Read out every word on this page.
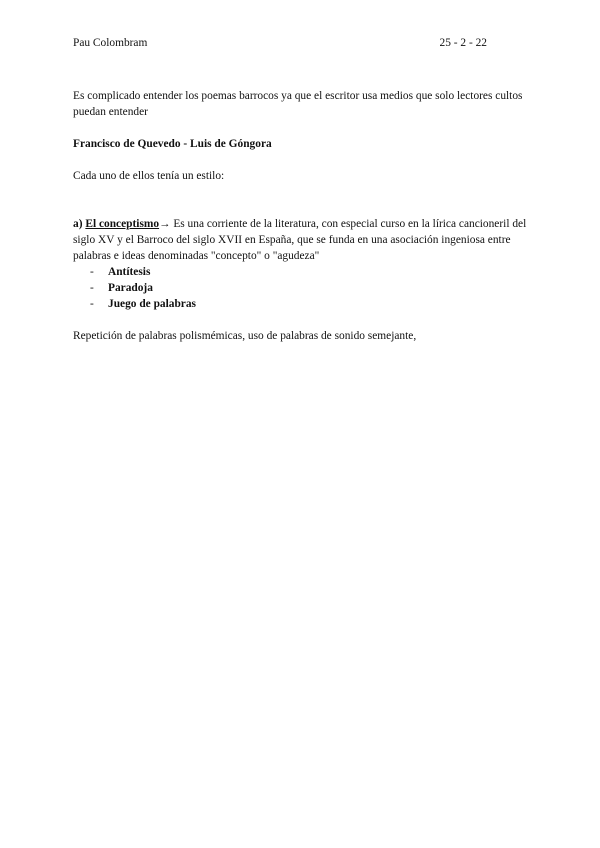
Pau Colombram	25 - 2 - 22

Es complicado entender los poemas barrocos ya que el escritor usa medios que solo lectores cultos puedan entender

Francisco de Quevedo - Luis de Góngora

Cada uno de ellos tenía un estilo:

a) El conceptismo→ Es una corriente de la literatura, con especial curso en la lírica cancioneril del siglo XV y el Barroco del siglo XVII en España, que se funda en una asociación ingeniosa entre palabras e ideas denominadas "concepto" o "agudeza"

- Antítesis
- Paradoja
- Juego de palabras

Repetición de palabras polismémicas, uso de palabras de sonido semejante,
